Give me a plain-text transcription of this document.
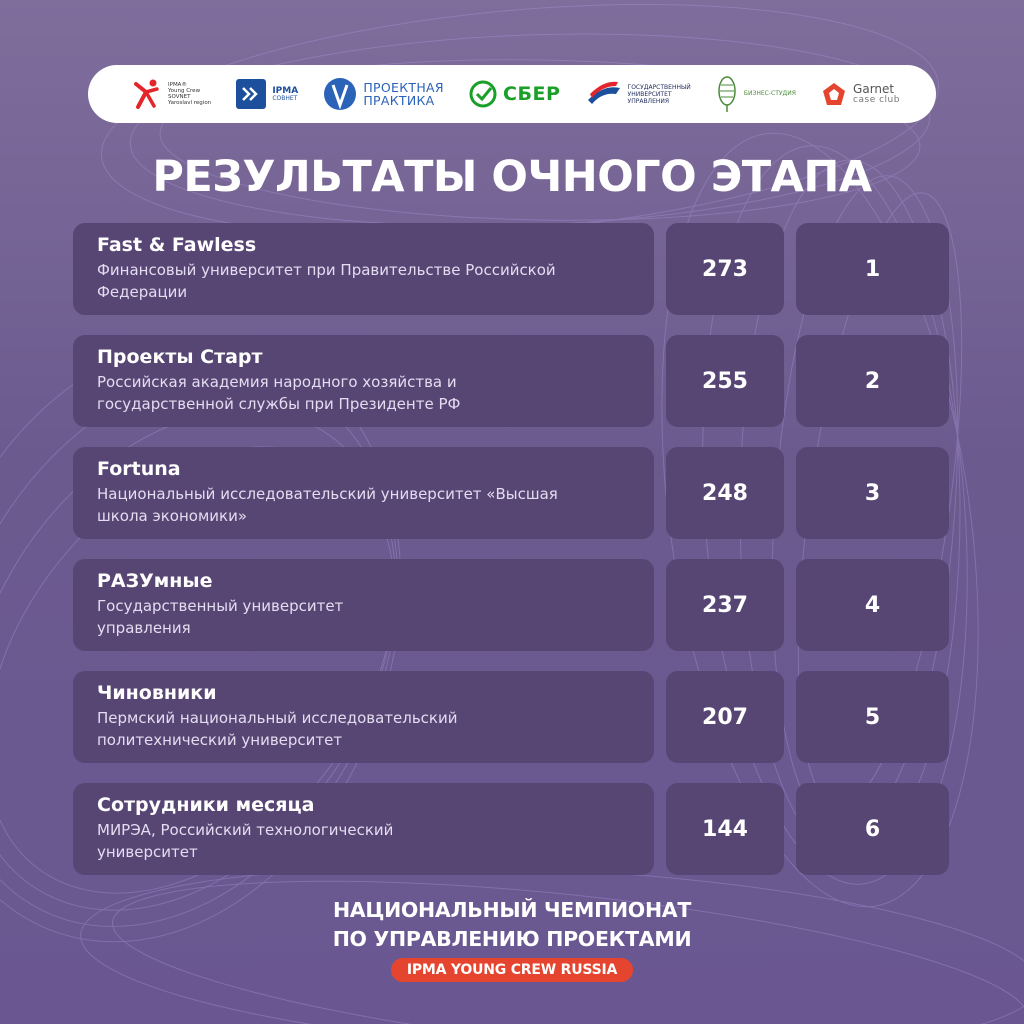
IPMA®
Young Crew
SOVNET
Yaroslavl region
IPMA
СОВНЕТ
ПРОЕКТНАЯ
ПРАКТИКА	СБЕР	ГОСУДАРСТВЕННЫЙ
УНИВЕРСИТЕТ
УПРАВЛЕНИЯ
БИЗНЕС-СТУДИЯ	Garnet
case club
РЕЗУЛЬТАТЫ ОЧНОГО ЭТАПА
Fast & Fawless
Финансовый университет при Правительстве Российской Федерации
273	1
Проекты Старт
Российская академия народного хозяйства и государственной службы при Президенте РФ
255	2
Fortuna
Национальный исследовательский университет «Высшая школа экономики»
248	3
РАЗУмные
Государственный университет управления
237	4
Чиновники
Пермский национальный исследовательский политехнический университет
207	5
Сотрудники месяца
МИРЭА, Российский технологический университет
144	6
НАЦИОНАЛЬНЫЙ ЧЕМПИОНАТ
ПО УПРАВЛЕНИЮ ПРОЕКТАМИ
IPMA YOUNG CREW RUSSIA
